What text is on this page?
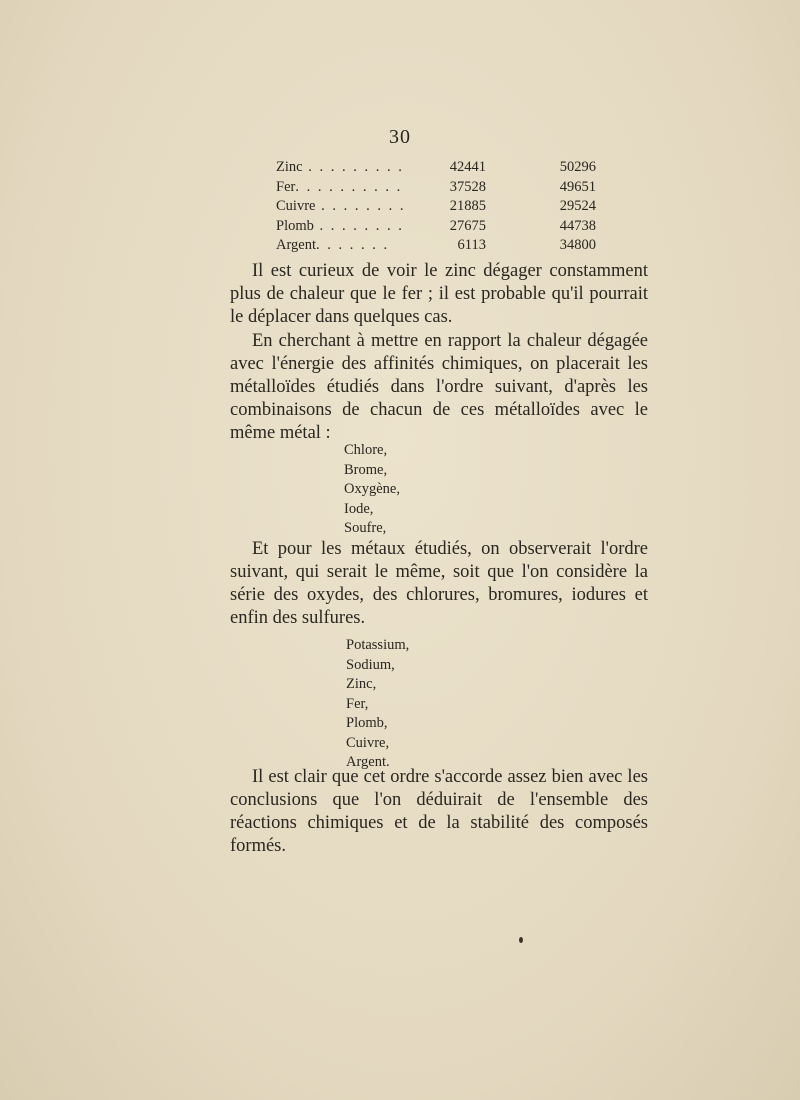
30
Zinc . . . . . . . . .	42441	50296
Fer. . . . . . . . . .	37528	49651
Cuivre . . . . . . . .	21885	29524
Plomb . . . . . . . .	27675	44738
Argent. . . . . . .	6113	34800

Il est curieux de voir le zinc dégager constamment plus de chaleur que le fer ; il est probable qu'il pourrait le déplacer dans quelques cas.

En cherchant à mettre en rapport la chaleur dégagée avec l'énergie des affinités chimiques, on placerait les métalloïdes étudiés dans l'ordre suivant, d'après les combinaisons de chacun de ces métalloïdes avec le même métal :

Chlore,
Brome,
Oxygène,
Iode,
Soufre,

Et pour les métaux étudiés, on observerait l'ordre suivant, qui serait le même, soit que l'on considère la série des oxydes, des chlorures, bromures, iodures et enfin des sulfures.

Potassium,
Sodium,
Zinc,
Fer,
Plomb,
Cuivre,
Argent.

Il est clair que cet ordre s'accorde assez bien avec les conclusions que l'on déduirait de l'ensemble des réactions chimiques et de la stabilité des composés formés.
